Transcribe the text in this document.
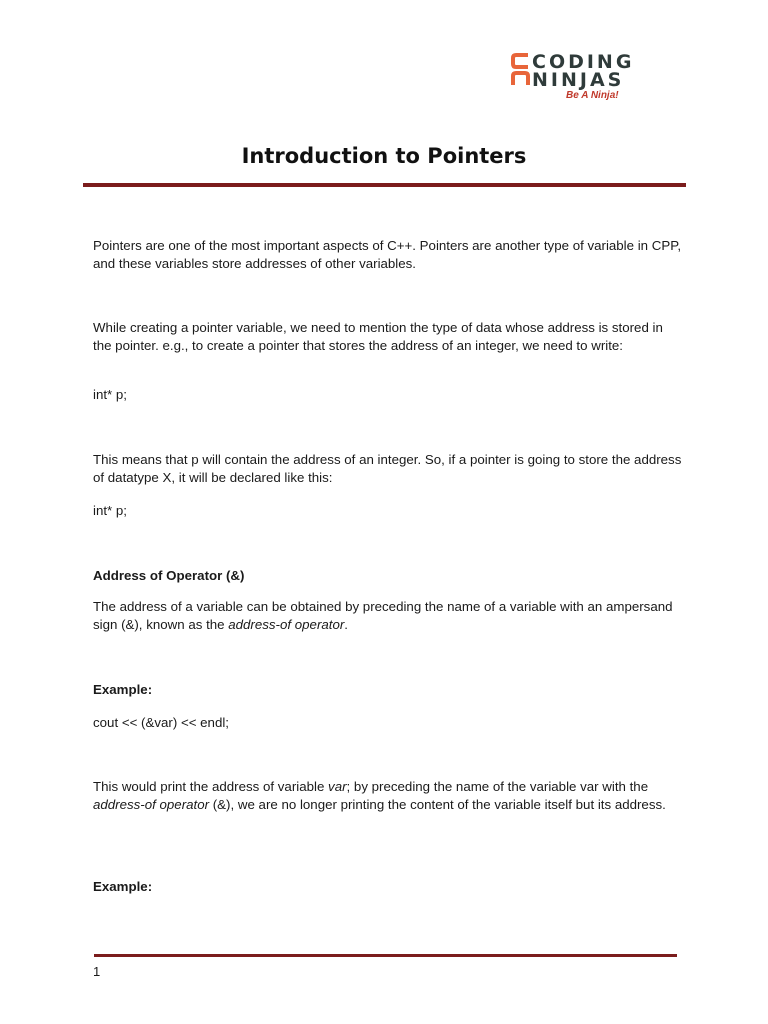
CODING
NINJAS
Be A Ninja!
Introduction to Pointers

Pointers are one of the most important aspects of C++. Pointers are another type of variable in CPP, and these variables store addresses of other variables.

While creating a pointer variable, we need to mention the type of data whose address is stored in the pointer. e.g., to create a pointer that stores the address of an integer, we need to write:

int* p;

This means that p will contain the address of an integer. So, if a pointer is going to store the address of datatype X, it will be declared like this:

int* p;

Address of Operator (&)

The address of a variable can be obtained by preceding the name of a variable with an ampersand sign (&), known as the address-of operator.

Example:

cout << (&var) << endl;

This would print the address of variable var; by preceding the name of the variable var with the address-of operator (&), we are no longer printing the content of the variable itself but its address.

Example:

1
